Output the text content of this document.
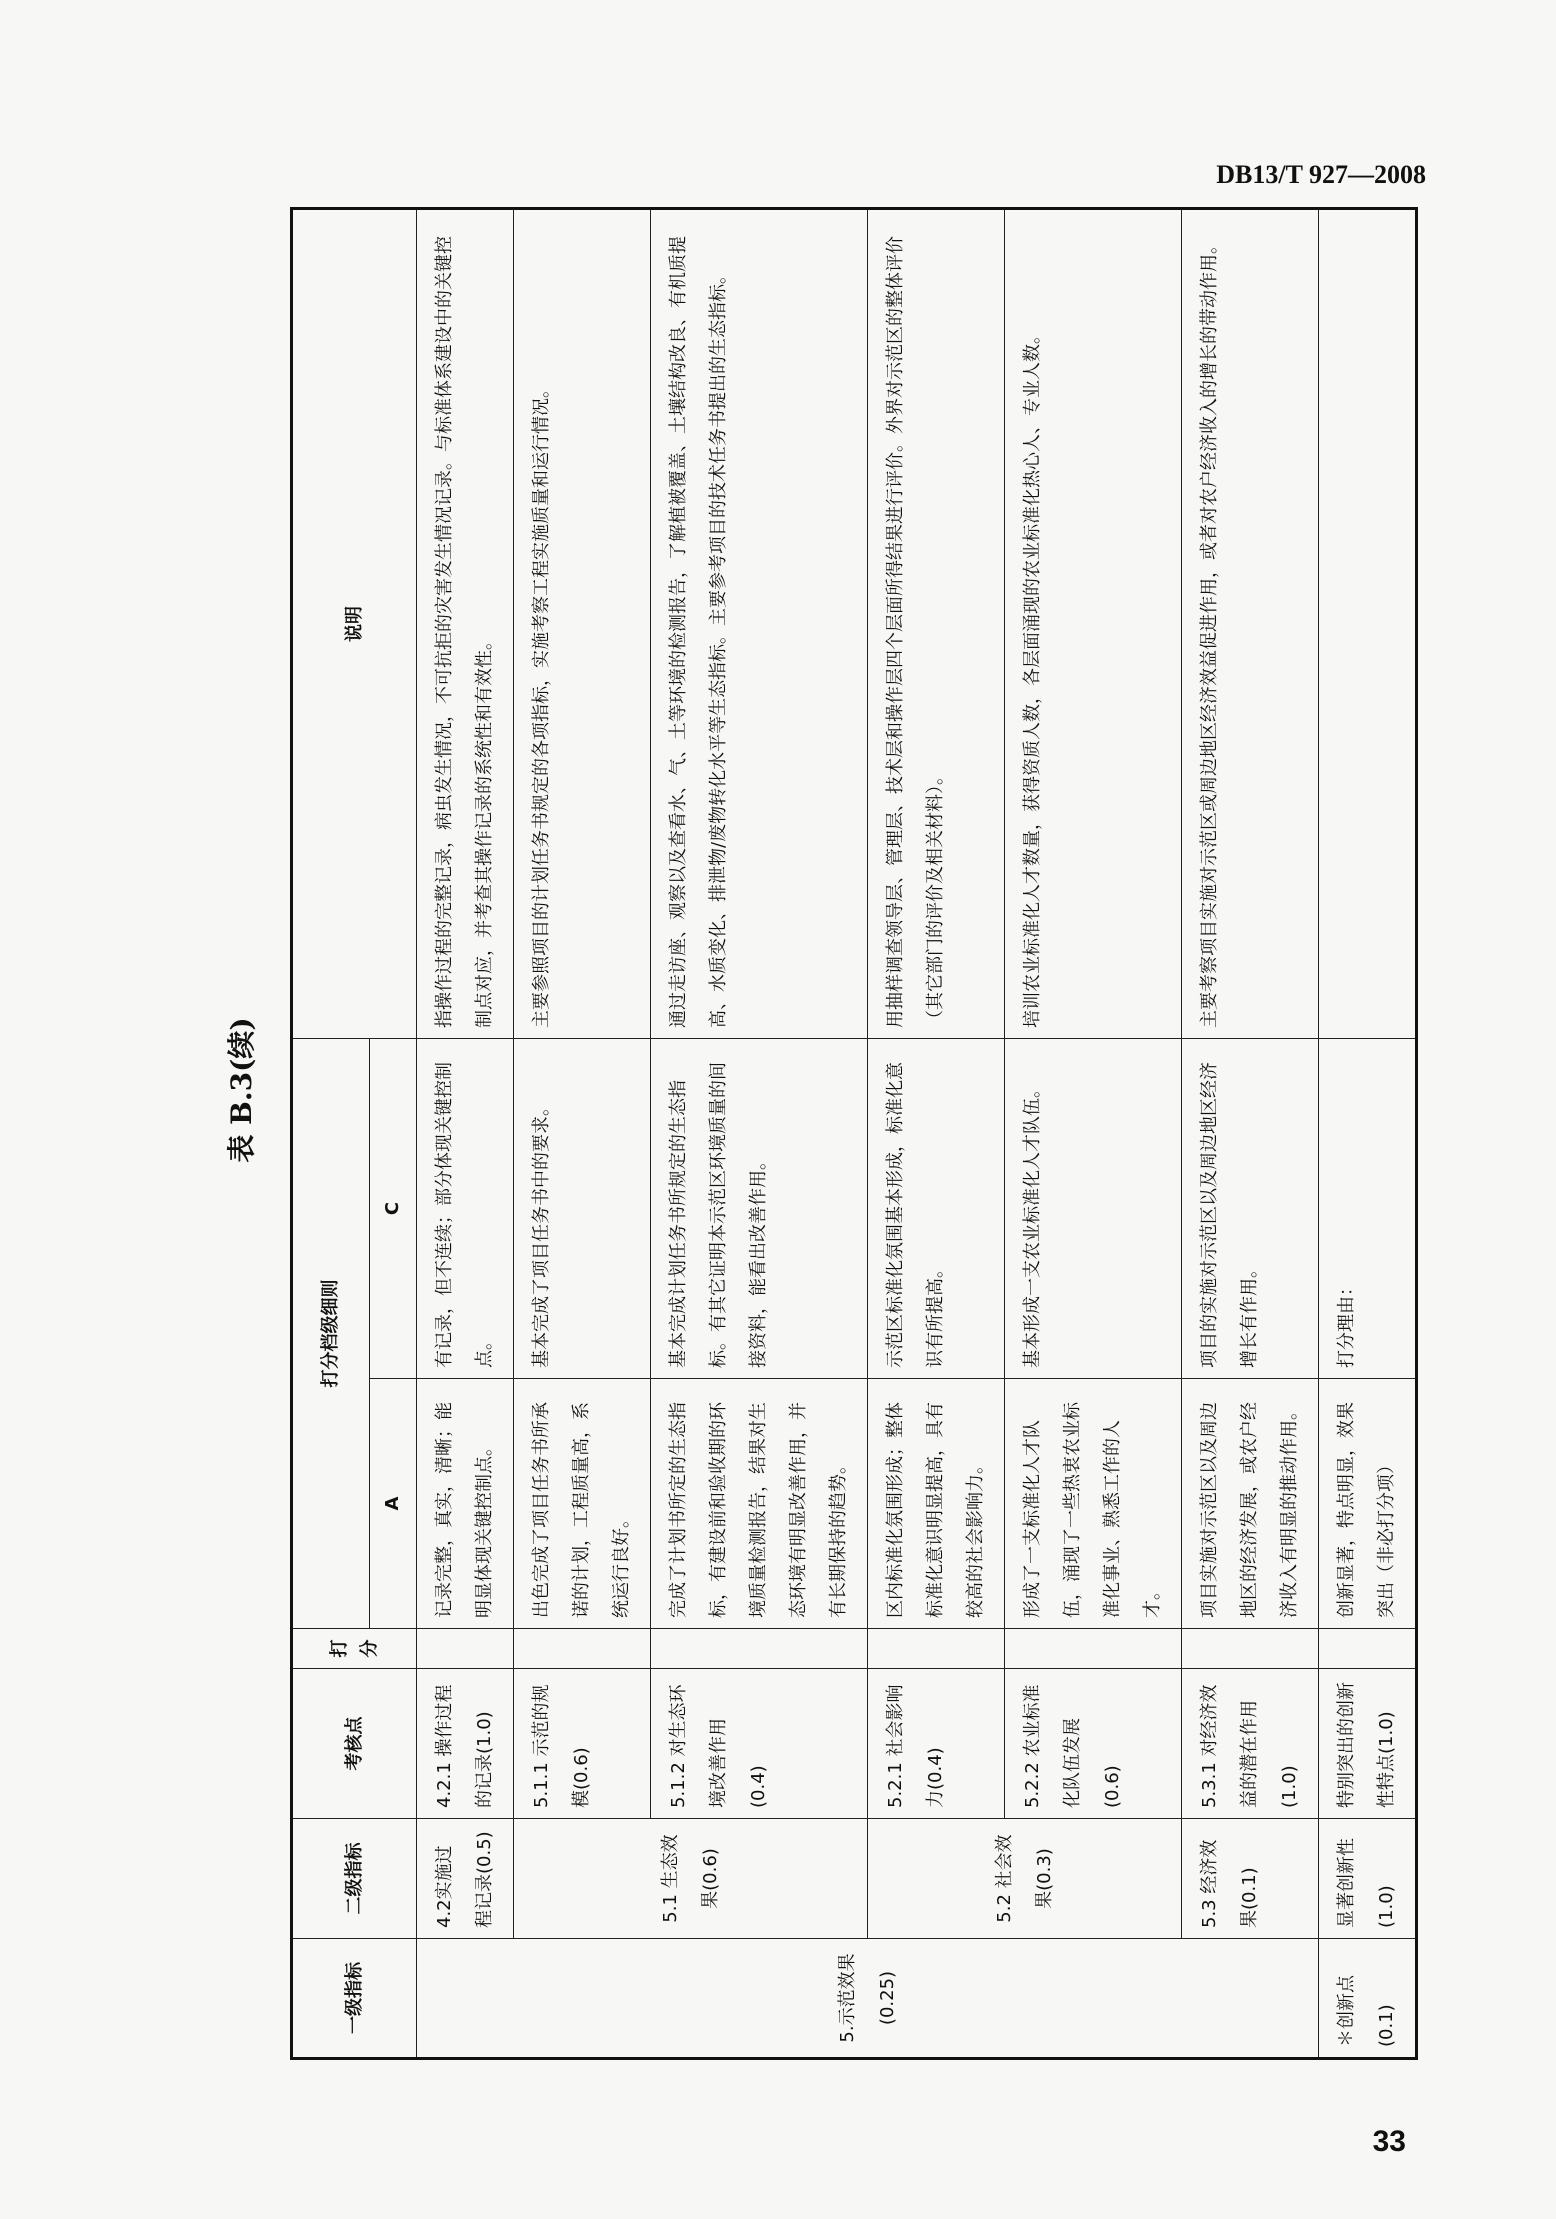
DB13/T 927—2008
表 B.3(续)
一级指标	二级指标	考核点	打分	打分档级细则		说明
				A	C	
5.示范效果(0.25)	4.2实施过程记录(0.5)	4.2.1 操作过程的记录(1.0)		记录完整，真实，清晰；能明显体现关键控制点。	有记录，但不连续；部分体现关键控制点。	指操作过程的完整记录，病虫发生情况，不可抗拒的灾害发生情况记录。与标准体系建设中的关键控制点对应，并考查其操作记录的系统性和有效性。
	5.1 生态效果(0.6)	5.1.1 示范的规模(0.6)		出色完成了项目任务书所承诺的计划，工程质量高，系统运行良好。	基本完成了项目任务书中的要求。	主要参照项目的计划任务书规定的各项指标，实施考察工程实施质量和运行情况。
		5.1.2 对生态环境改善作用(0.4)		完成了计划书所定的生态指标，有建设前和验收期的环境质量检测报告，结果对生态环境有明显改善作用，并有长期保持的趋势。	基本完成计划任务书所规定的生态指标。有其它证明本示范区环境质量的间接资料，能看出改善作用。	通过走访座、观察以及查看水、气、土等环境的检测报告，了解植被覆盖、土壤结构改良、有机质提高、水质变化、排泄物/废物转化水平等生态指标。主要参考项目的技术任务书提出的生态指标。
	5.2 社会效果(0.3)	5.2.1 社会影响力(0.4)		区内标准化氛围形成；整体标准化意识明显提高，具有较高的社会影响力。	示范区标准化氛围基本形成，标准化意识有所提高。	用抽样调查领导层、管理层、技术层和操作层四个层面所得结果进行评价。外界对示范区的整体评价（其它部门的评价及相关材料）。
		5.2.2 农业标准化队伍发展(0.6)		形成了一支标准化人才队伍，涌现了一些热衷农业标准化事业、熟悉工作的人才。	基本形成一支农业标准化人才队伍。	培训农业标准化人才数量，获得资质人数，各层面涌现的农业标准化热心人、专业人数。
	5.3 经济效果(0.1)	5.3.1 对经济效益的潜在作用(1.0)		项目实施对示范区以及周边地区的经济发展，或农户经济收入有明显的推动作用。	项目的实施对示范区以及周边地区经济增长有作用。	主要考察项目实施对示范区或周边地区经济效益促进作用，或者对农户经济收入的增长的带动作用。
＊创新点(0.1)	显著创新性(1.0)	特别突出的创新性特点(1.0)		创新显著，特点明显，效果突出（非必打分项）	打分理由：	
33
